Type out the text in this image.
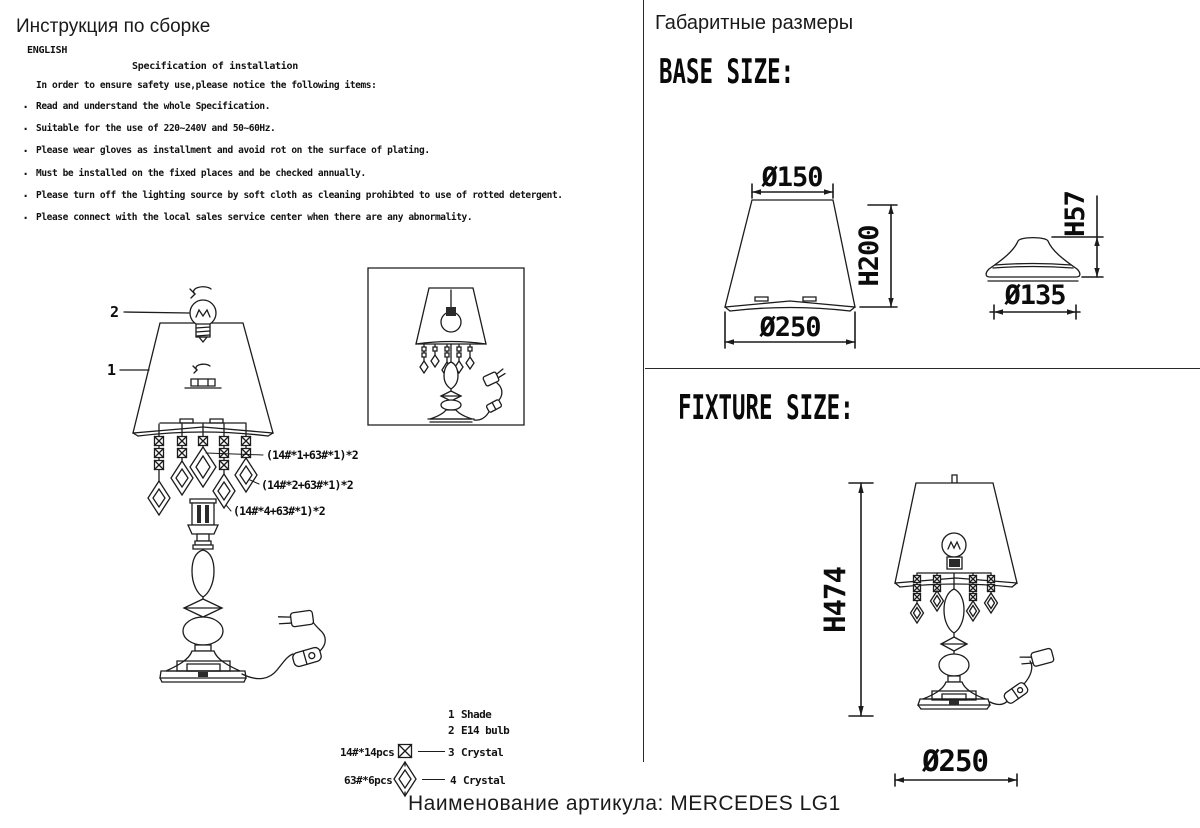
Инструкция по сборке
ENGLISH
Specification of installation
In order to ensure safety use,please notice the following items:
· Read and understand the whole Specification.
· Suitable for the use of 220~240V and 50~60Hz.
· Please wear gloves as installment and avoid rot on the surface of plating.
· Must be installed on the fixed places and be checked annually.
· Please turn off the lighting source by soft cloth as cleaning prohibted to use of rotted detergent.
· Please connect with the local sales service center when there are any abnormality.
2
1
(14#*1+63#*1)*2
(14#*2+63#*1)*2
(14#*4+63#*1)*2
1 Shade
2 E14 bulb
14#*14pcs	3 Crystal
63#*6pcs	4 Crystal
Габаритные размеры
BASE SIZE:
Ø150
H200
Ø250
H57
Ø135
FIXTURE SIZE:
H474
Ø250
Наименование артикула: MERCEDES LG1
